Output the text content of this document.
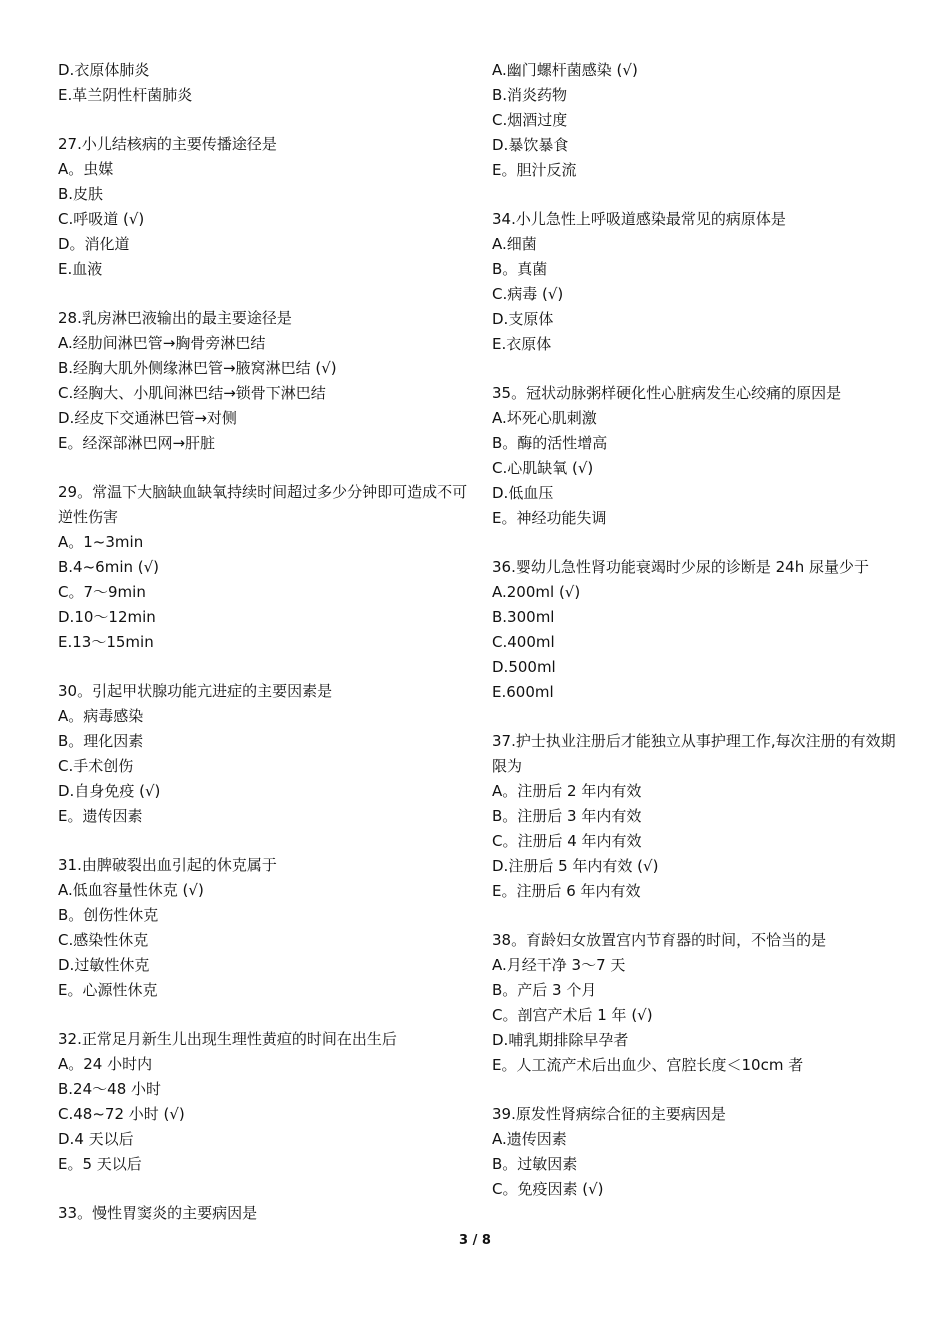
D.衣原体肺炎
E.革兰阴性杆菌肺炎
27.小儿结核病的主要传播途径是
A。虫媒
B.皮肤
C.呼吸道 (√)
D。消化道
E.血液
28.乳房淋巴液输出的最主要途径是
A.经肋间淋巴管→胸骨旁淋巴结
B.经胸大肌外侧缘淋巴管→腋窝淋巴结 (√)
C.经胸大、小肌间淋巴结→锁骨下淋巴结
D.经皮下交通淋巴管→对侧
E。经深部淋巴网→肝脏
29。常温下大脑缺血缺氧持续时间超过多少分钟即可造成不可逆性伤害
A。1~3min
B.4~6min (√)
C。7～9min
D.10～12min
E.13～15min
30。引起甲状腺功能亢进症的主要因素是
A。病毒感染
B。理化因素
C.手术创伤
D.自身免疫 (√)
E。遗传因素
31.由脾破裂出血引起的休克属于
A.低血容量性休克 (√)
B。创伤性休克
C.感染性休克
D.过敏性休克
E。心源性休克
32.正常足月新生儿出现生理性黄疸的时间在出生后
A。24 小时内
B.24～48 小时
C.48~72 小时 (√)
D.4 天以后
E。5 天以后
33。慢性胃窦炎的主要病因是
A.幽门螺杆菌感染 (√)
B.消炎药物
C.烟酒过度
D.暴饮暴食
E。胆汁反流
34.小儿急性上呼吸道感染最常见的病原体是
A.细菌
B。真菌
C.病毒 (√)
D.支原体
E.衣原体
35。冠状动脉粥样硬化性心脏病发生心绞痛的原因是
A.坏死心肌刺激
B。酶的活性增高
C.心肌缺氧 (√)
D.低血压
E。神经功能失调
36.婴幼儿急性肾功能衰竭时少尿的诊断是 24h 尿量少于
A.200ml (√)
B.300ml
C.400ml
D.500ml
E.600ml
37.护士执业注册后才能独立从事护理工作,每次注册的有效期限为
A。注册后 2 年内有效
B。注册后 3 年内有效
C。注册后 4 年内有效
D.注册后 5 年内有效 (√)
E。注册后 6 年内有效
38。育龄妇女放置宫内节育器的时间，不恰当的是
A.月经干净 3～7 天
B。产后 3 个月
C。剖宫产术后 1 年 (√)
D.哺乳期排除早孕者
E。人工流产术后出血少、宫腔长度＜10cm 者
39.原发性肾病综合征的主要病因是
A.遗传因素
B。过敏因素
C。免疫因素 (√)
3 / 8
